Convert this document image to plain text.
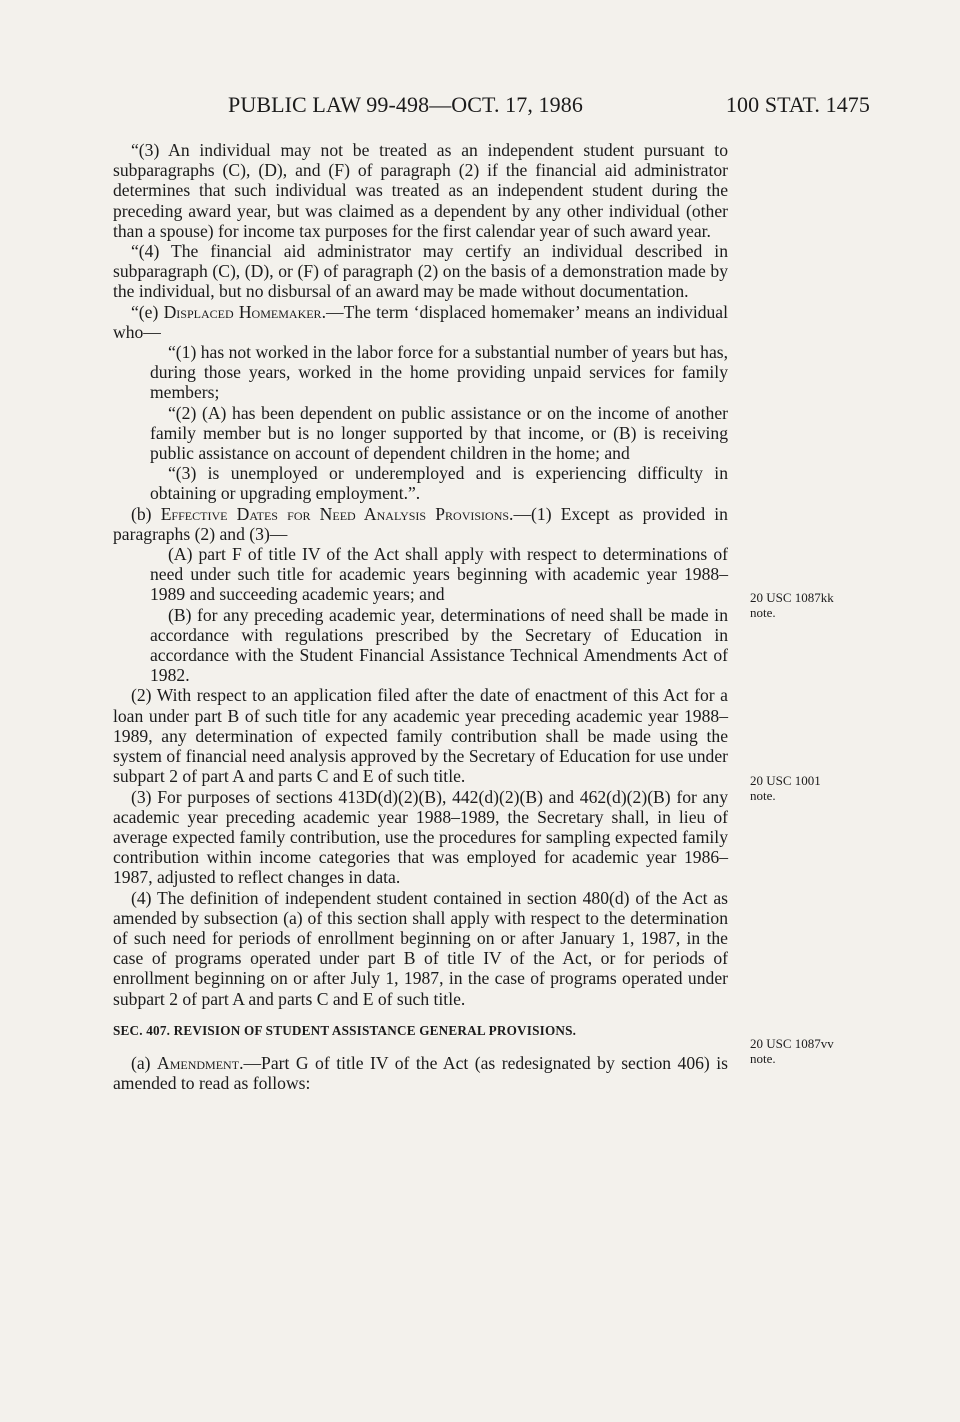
PUBLIC LAW 99-498—OCT. 17, 1986	100 STAT. 1475

“(3) An individual may not be treated as an independent student pursuant to subparagraphs (C), (D), and (F) of paragraph (2) if the financial aid administrator determines that such individual was treated as an independent student during the preceding award year, but was claimed as a dependent by any other individual (other than a spouse) for income tax purposes for the first calendar year of such award year.

“(4) The financial aid administrator may certify an individual described in subparagraph (C), (D), or (F) of paragraph (2) on the basis of a demonstration made by the individual, but no disbursal of an award may be made without documentation.

“(e) Displaced Homemaker.—The term ‘displaced homemaker’ means an individual who—

“(1) has not worked in the labor force for a substantial number of years but has, during those years, worked in the home providing unpaid services for family members;

“(2) (A) has been dependent on public assistance or on the income of another family member but is no longer supported by that income, or (B) is receiving public assistance on account of dependent children in the home; and

“(3) is unemployed or underemployed and is experiencing difficulty in obtaining or upgrading employment.”.

(b) Effective Dates for Need Analysis Provisions.—(1) Except as provided in paragraphs (2) and (3)—

(A) part F of title IV of the Act shall apply with respect to determinations of need under such title for academic years beginning with academic year 1988–1989 and succeeding academic years; and

(B) for any preceding academic year, determinations of need shall be made in accordance with regulations prescribed by the Secretary of Education in accordance with the Student Financial Assistance Technical Amendments Act of 1982.

(2) With respect to an application filed after the date of enactment of this Act for a loan under part B of such title for any academic year preceding academic year 1988–1989, any determination of expected family contribution shall be made using the system of financial need analysis approved by the Secretary of Education for use under subpart 2 of part A and parts C and E of such title.

(3) For purposes of sections 413D(d)(2)(B), 442(d)(2)(B) and 462(d)(2)(B) for any academic year preceding academic year 1988–1989, the Secretary shall, in lieu of average expected family contribution, use the procedures for sampling expected family contribution within income categories that was employed for academic year 1986–1987, adjusted to reflect changes in data.

(4) The definition of independent student contained in section 480(d) of the Act as amended by subsection (a) of this section shall apply with respect to the determination of such need for periods of enrollment beginning on or after January 1, 1987, in the case of programs operated under part B of title IV of the Act, or for periods of enrollment beginning on or after July 1, 1987, in the case of programs operated under subpart 2 of part A and parts C and E of such title.

SEC. 407. REVISION OF STUDENT ASSISTANCE GENERAL PROVISIONS.

(a) Amendment.—Part G of title IV of the Act (as redesignated by section 406) is amended to read as follows:

20 USC 1087kk
note.
20 USC 1001
note.
20 USC 1087vv
note.
